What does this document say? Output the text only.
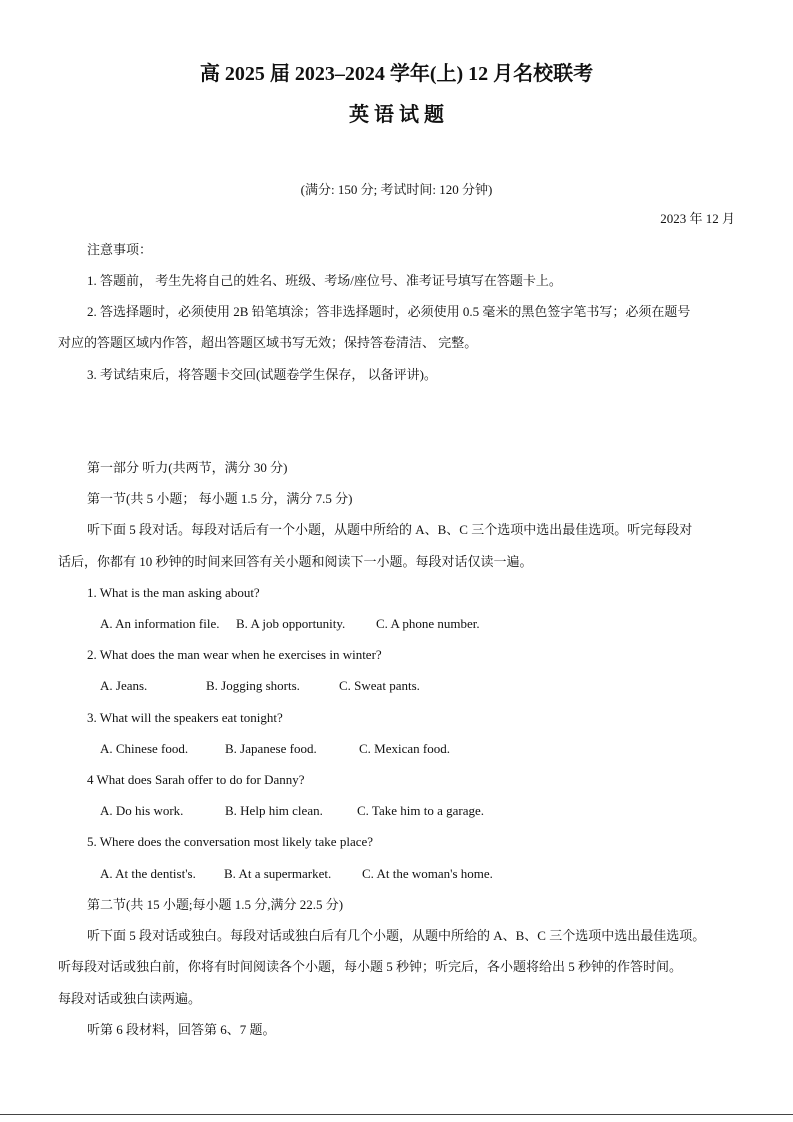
高 2025 届 2023–2024 学年(上) 12 月名校联考
英 语 试 题
(满分: 150 分; 考试时间: 120 分钟)
2023 年 12 月
注意事项：
1. 答题前， 考生先将自己的姓名、班级、考场/座位号、准考证号填写在答题卡上。
2. 答选择题时，必须使用 2B 铅笔填涂；答非选择题时，必须使用 0.5 毫米的黑色签字笔书写；必须在题号
对应的答题区域内作答，超出答题区域书写无效；保持答卷清洁、 完整。
3. 考试结束后，将答题卡交回(试题卷学生保存， 以备评讲)。
第一部分 听力(共两节，满分 30 分)
第一节(共 5 小题； 每小题 1.5 分，满分 7.5 分)
听下面 5 段对话。每段对话后有一个小题，从题中所给的 A、B、C 三个选项中选出最佳选项。听完每段对
话后，你都有 10 秒钟的时间来回答有关小题和阅读下一小题。每段对话仅读一遍。
1. What is the man asking about?
A. An information file. B. A job opportunity. C. A phone number.
2. What does the man wear when he exercises in winter?
A. Jeans.	B. Jogging shorts.	C. Sweat pants.
3. What will the speakers eat tonight?
A. Chinese food.	B. Japanese food.	C. Mexican food.
4 What does Sarah offer to do for Danny?
A. Do his work.	B. Help him clean.	C. Take him to a garage.
5. Where does the conversation most likely take place?
A. At the dentist's. B. At a supermarket. C. At the woman's home.
第二节(共 15 小题;每小题 1.5 分,满分 22.5 分)
听下面 5 段对话或独白。每段对话或独白后有几个小题，从题中所给的 A、B、C 三个选项中选出最佳选项。
听每段对话或独白前，你将有时间阅读各个小题，每小题 5 秒钟；听完后，各小题将给出 5 秒钟的作答时间。
每段对话或独白读两遍。
听第 6 段材料，回答第 6、7 题。
